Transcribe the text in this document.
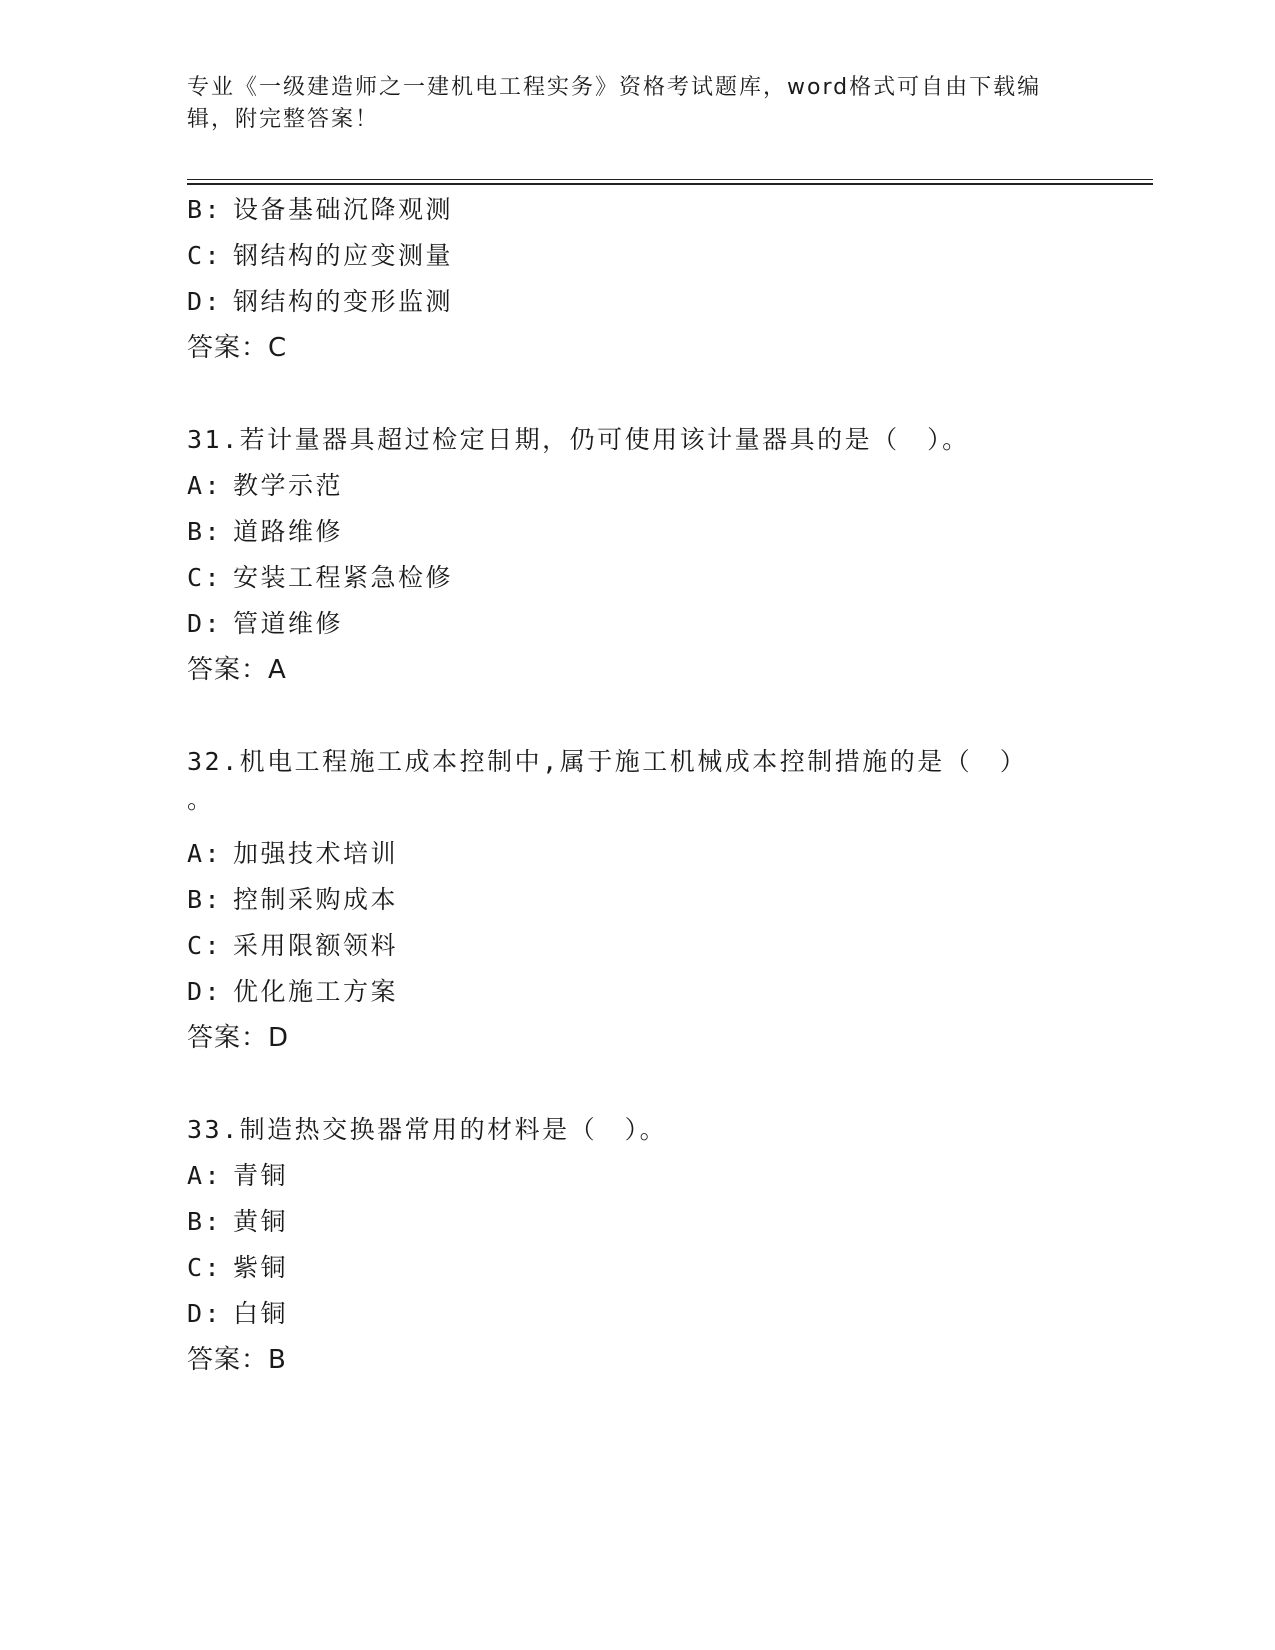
专业《一级建造师之一建机电工程实务》资格考试题库，word格式可自由下载编
辑，附完整答案！
B: 设备基础沉降观测
C: 钢结构的应变测量
D: 钢结构的变形监测
答案：C
31.若计量器具超过检定日期，仍可使用该计量器具的是（　）。
A: 教学示范
B: 道路维修
C: 安装工程紧急检修
D: 管道维修
答案：A
32.机电工程施工成本控制中,属于施工机械成本控制措施的是（　）
。
A: 加强技术培训
B: 控制采购成本
C: 采用限额领料
D: 优化施工方案
答案：D
33.制造热交换器常用的材料是（　）。
A: 青铜
B: 黄铜
C: 紫铜
D: 白铜
答案：B
